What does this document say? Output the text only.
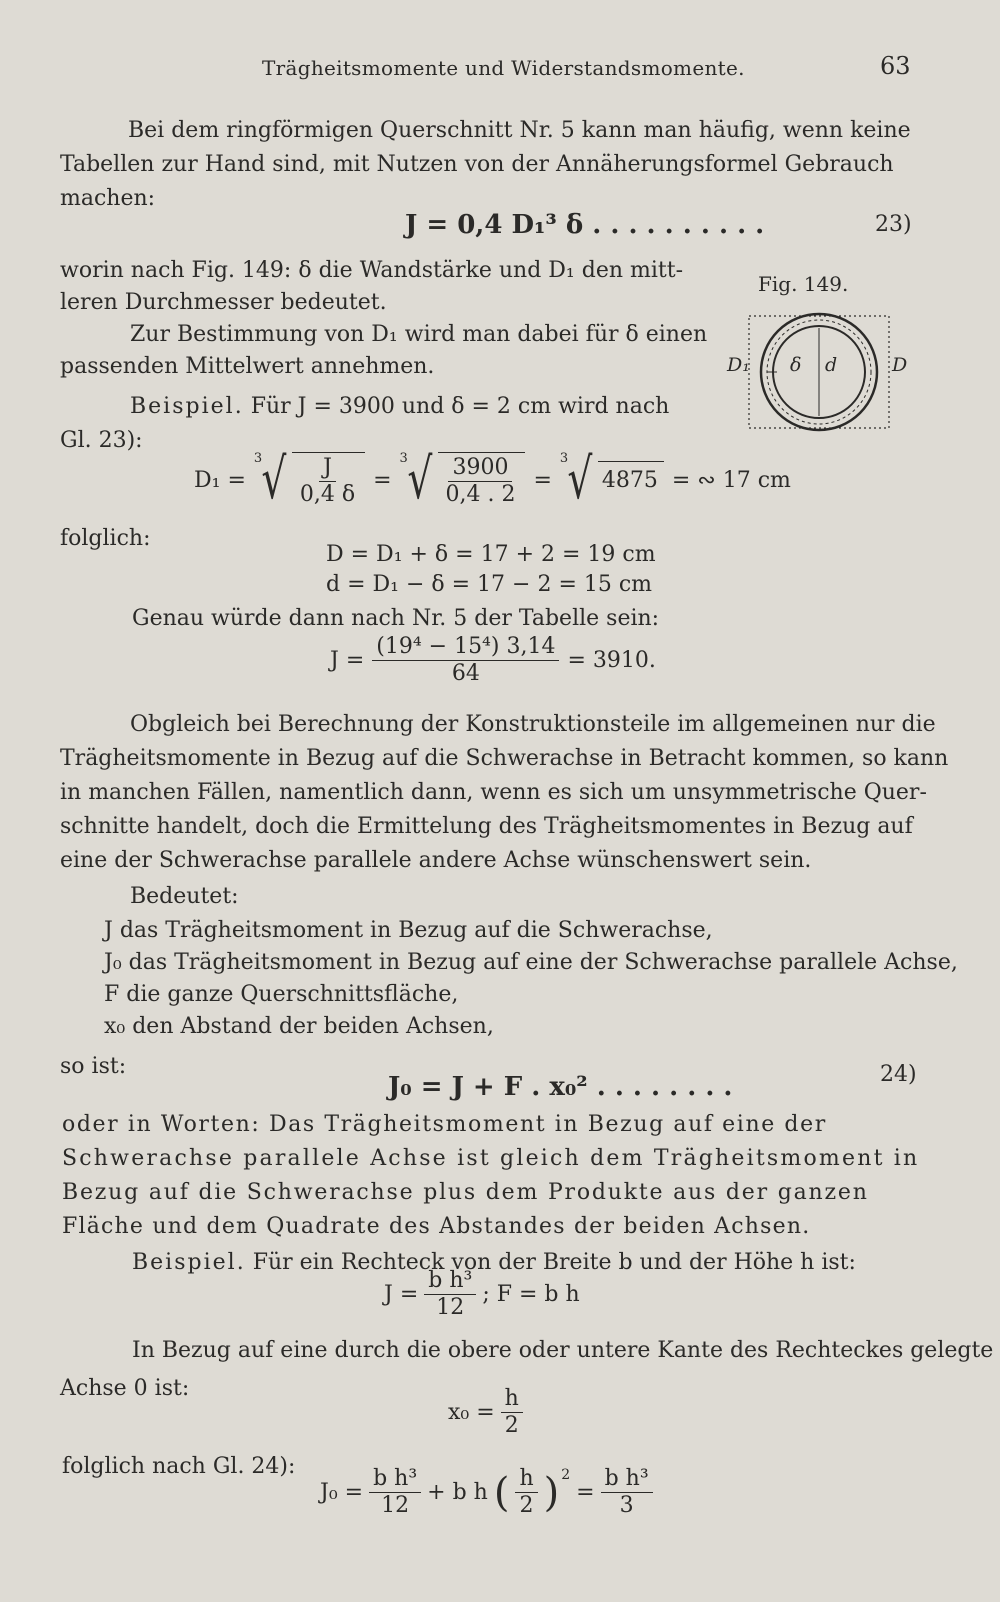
Trägheitsmomente und Widerstandsmomente.	63
Bei dem ringförmigen Querschnitt Nr. 5 kann man häufig, wenn keine
Tabellen zur Hand sind, mit Nutzen von der Annäherungsformel Gebrauch
machen:
J = 0,4 D₁³ δ . . . . . . . . . .	23)
worin nach Fig. 149: δ die Wandstärke und D₁ den mitt-
leren Durchmesser bedeutet.
Zur Bestimmung von D₁ wird man dabei für δ einen
passenden Mittelwert annehmen.
Fig. 149.
D₁ δ d	D
Beispiel. Für J = 3900 und δ = 2 cm wird nach
Gl. 23):
D₁ =
3 √ $\frac{J}{0,4 \delta}$ =
3 √ $\frac{3900}{0,4 . 2}$ =
3 √ 4875 = ∾ 17 cm
folglich:
D = D₁ + δ = 17 + 2 = 19 cm
d = D₁ − δ = 17 − 2 = 15 cm
Genau würde dann nach Nr. 5 der Tabelle sein:
$J = \frac{\text{(19⁴ − 15⁴) 3,14}}{64} = 3910$.
Obgleich bei Berechnung der Konstruktionsteile im allgemeinen nur die
Trägheitsmomente in Bezug auf die Schwerachse in Betracht kommen, so kann
in manchen Fällen, namentlich dann, wenn es sich um unsymmetrische Quer-
schnitte handelt, doch die Ermittelung des Trägheitsmomentes in Bezug auf
eine der Schwerachse parallele andere Achse wünschenswert sein.
Bedeutet:
J das Trägheitsmoment in Bezug auf die Schwerachse,
J₀ das Trägheitsmoment in Bezug auf eine der Schwerachse parallele Achse,
F die ganze Querschnittsfläche,
x₀ den Abstand der beiden Achsen,
so ist:
J₀ = J + F . x₀² . . . . . . . .	24)
oder in Worten: Das Trägheitsmoment in Bezug auf eine der
Schwerachse parallele Achse ist gleich dem Trägheitsmoment in
Bezug auf die Schwerachse plus dem Produkte aus der ganzen
Fläche und dem Quadrate des Abstandes der beiden Achsen.
Beispiel. Für ein Rechteck von der Breite b und der Höhe h ist:
$J = \frac{\text{b h³}}{12}$ ; F = b h
In Bezug auf eine durch die obere oder untere Kante des Rechteckes gelegte
Achse 0 ist:
$x_0 = \frac{h}{2}$
folglich nach Gl. 24):
$J_0 = \frac{\text{b h³}}{12} + b$ h ( $\frac{h}{2} )^2$
= $\frac{\text{b h³}}{3}$
